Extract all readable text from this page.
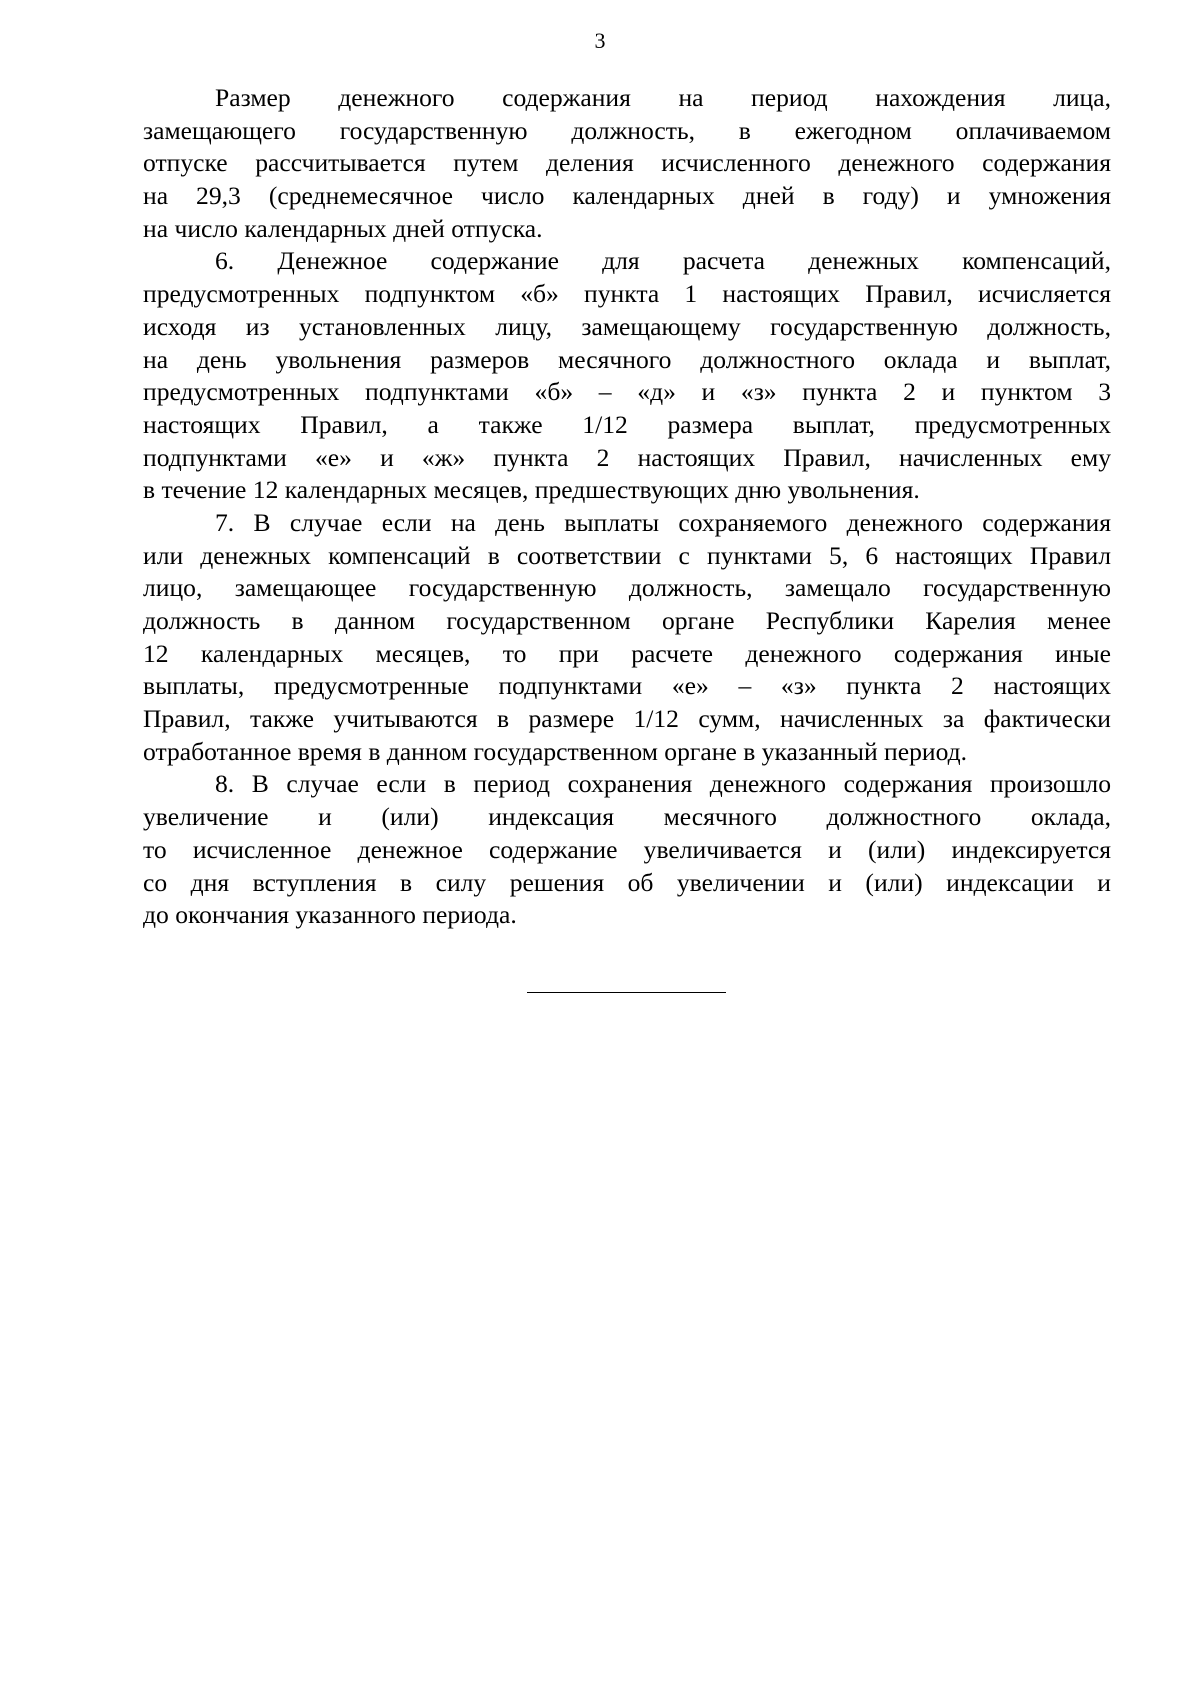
3
Размер денежного содержания на период нахождения лица,
замещающего государственную должность, в ежегодном оплачиваемом
отпуске рассчитывается путем деления исчисленного денежного содержания
на 29,3 (среднемесячное число календарных дней в году) и умножения
на число календарных дней отпуска.
6. Денежное содержание для расчета денежных компенсаций,
предусмотренных подпунктом «б» пункта 1 настоящих Правил, исчисляется
исходя из установленных лицу, замещающему государственную должность,
на день увольнения размеров месячного должностного оклада и выплат,
предусмотренных подпунктами «б» – «д» и «з» пункта 2 и пунктом 3
настоящих Правил, а также 1/12 размера выплат, предусмотренных
подпунктами «е» и «ж» пункта 2 настоящих Правил, начисленных ему
в течение 12 календарных месяцев, предшествующих дню увольнения.
7. В случае если на день выплаты сохраняемого денежного содержания
или денежных компенсаций в соответствии с пунктами 5, 6 настоящих Правил
лицо, замещающее государственную должность, замещало государственную
должность в данном государственном органе Республики Карелия менее
12 календарных месяцев, то при расчете денежного содержания иные
выплаты, предусмотренные подпунктами «е» – «з» пункта 2 настоящих
Правил, также учитываются в размере 1/12 сумм, начисленных за фактически
отработанное время в данном государственном органе в указанный период.
8. В случае если в период сохранения денежного содержания произошло
увеличение и (или) индексация месячного должностного оклада,
то исчисленное денежное содержание увеличивается и (или) индексируется
со дня вступления в силу решения об увеличении и (или) индексации и
до окончания указанного периода.
